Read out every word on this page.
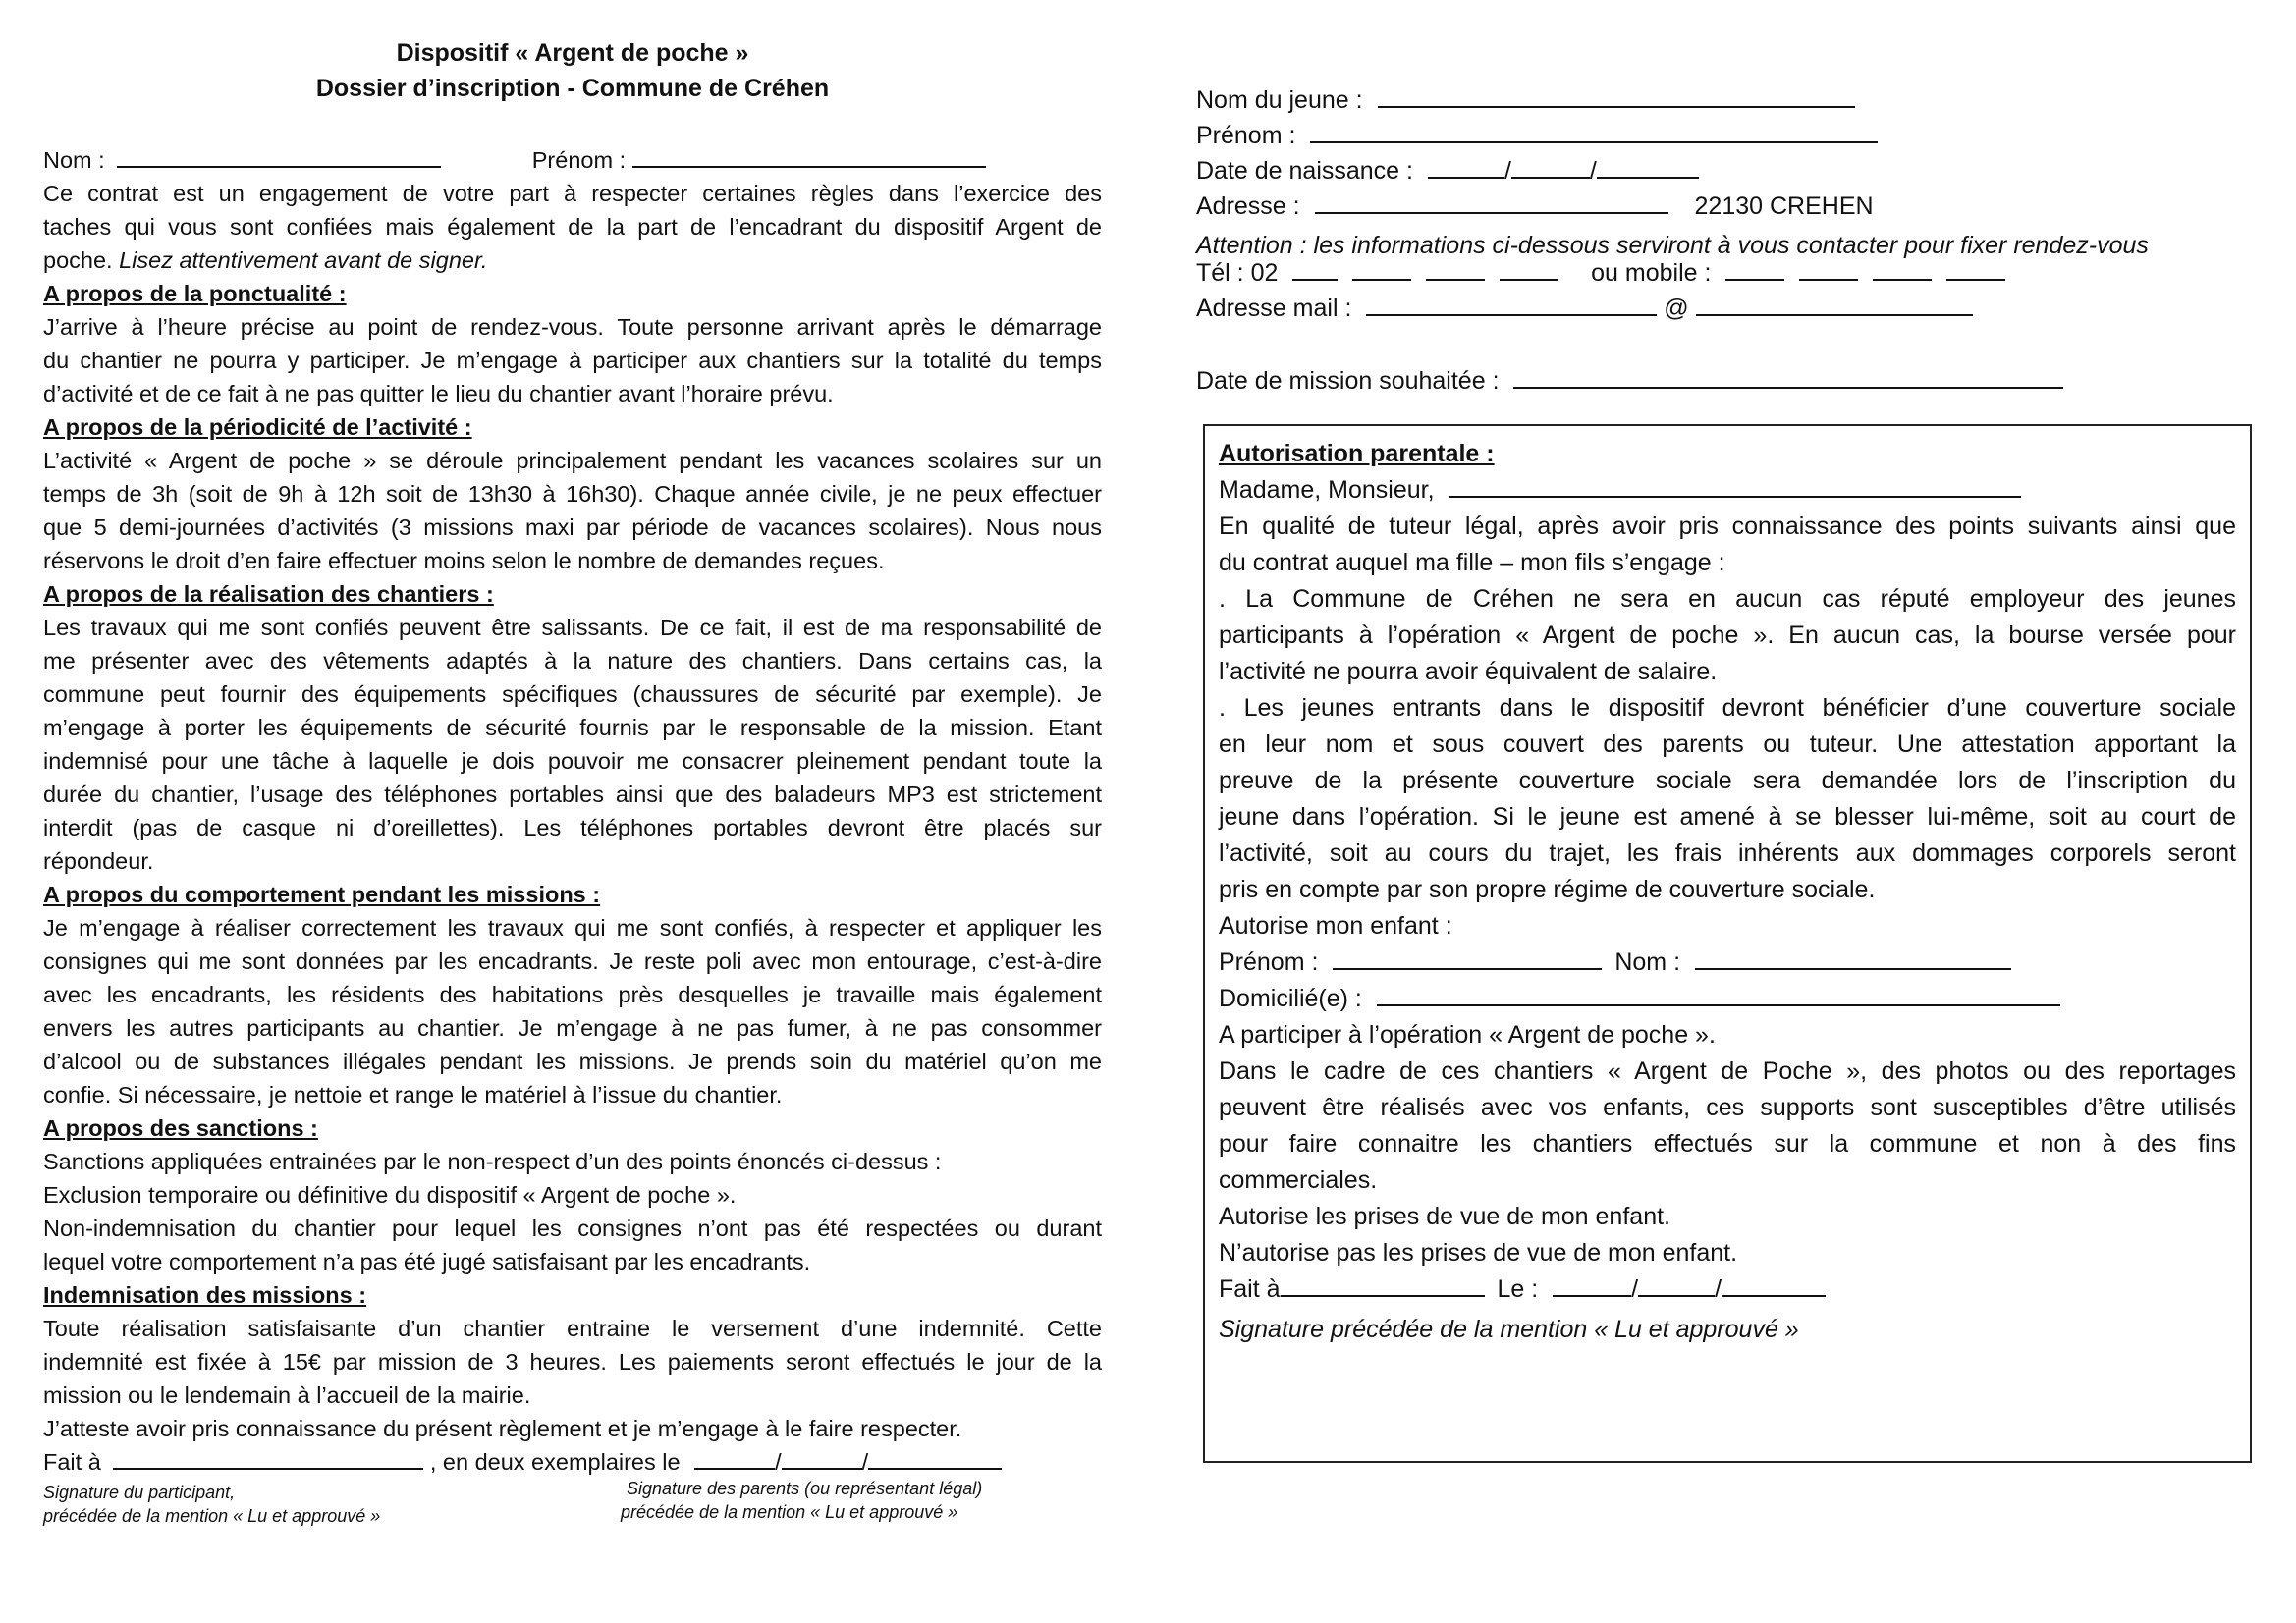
Dispositif « Argent de poche »

Dossier d’inscription - Commune de Créhen

Nom :	Prénom :
Ce contrat est un engagement de votre part à respecter certaines règles dans l’exercice des
taches qui vous sont confiées mais également de la part de l’encadrant du dispositif Argent de
poche. Lisez attentivement avant de signer.
A propos de la ponctualité :
J’arrive à l’heure précise au point de rendez-vous. Toute personne arrivant après le démarrage
du chantier ne pourra y participer. Je m’engage à participer aux chantiers sur la totalité du temps
d’activité et de ce fait à ne pas quitter le lieu du chantier avant l’horaire prévu.
A propos de la périodicité de l’activité :
L’activité « Argent de poche » se déroule principalement pendant les vacances scolaires sur un
temps de 3h (soit de 9h à 12h soit de 13h30 à 16h30). Chaque année civile, je ne peux effectuer
que 5 demi-journées d’activités (3 missions maxi par période de vacances scolaires). Nous nous
réservons le droit d’en faire effectuer moins selon le nombre de demandes reçues.
A propos de la réalisation des chantiers :
Les travaux qui me sont confiés peuvent être salissants. De ce fait, il est de ma responsabilité de
me présenter avec des vêtements adaptés à la nature des chantiers. Dans certains cas, la
commune peut fournir des équipements spécifiques (chaussures de sécurité par exemple). Je
m’engage à porter les équipements de sécurité fournis par le responsable de la mission. Etant
indemnisé pour une tâche à laquelle je dois pouvoir me consacrer pleinement pendant toute la
durée du chantier, l’usage des téléphones portables ainsi que des baladeurs MP3 est strictement
interdit (pas de casque ni d’oreillettes). Les téléphones portables devront être placés sur
répondeur.
A propos du comportement pendant les missions :
Je m’engage à réaliser correctement les travaux qui me sont confiés, à respecter et appliquer les
consignes qui me sont données par les encadrants. Je reste poli avec mon entourage, c’est-à-dire
avec les encadrants, les résidents des habitations près desquelles je travaille mais également
envers les autres participants au chantier. Je m’engage à ne pas fumer, à ne pas consommer
d’alcool ou de substances illégales pendant les missions. Je prends soin du matériel qu’on me
confie. Si nécessaire, je nettoie et range le matériel à l’issue du chantier.
A propos des sanctions :
Sanctions appliquées entrainées par le non-respect d’un des points énoncés ci-dessus :
Exclusion temporaire ou définitive du dispositif « Argent de poche ».
Non-indemnisation du chantier pour lequel les consignes n’ont pas été respectées ou durant
lequel votre comportement n’a pas été jugé satisfaisant par les encadrants.
Indemnisation des missions :
Toute réalisation satisfaisante d’un chantier entraine le versement d’une indemnité. Cette
indemnité est fixée à 15€ par mission de 3 heures. Les paiements seront effectués le jour de la
mission ou le lendemain à l’accueil de la mairie.
J’atteste avoir pris connaissance du présent règlement et je m’engage à le faire respecter.
Fait à	, en deux exemplaires le	/	/
Signature du participant,
précédée de la mention « Lu et approuvé »
Signature des parents (ou représentant légal)
précédée de la mention « Lu et approuvé »
Nom du jeune :
Prénom :
Date de naissance :	/	/
Adresse :	22130 CREHEN
Attention : les informations ci-dessous serviront à vous contacter pour fixer rendez-vous
Tél : 02	ou mobile :
Adresse mail :	@
Date de mission souhaitée :
Autorisation parentale :
Madame, Monsieur,
En qualité de tuteur légal, après avoir pris connaissance des points suivants ainsi que
du contrat auquel ma fille – mon fils s’engage :
. La Commune de Créhen ne sera en aucun cas réputé employeur des jeunes
participants à l’opération « Argent de poche ». En aucun cas, la bourse versée pour
l’activité ne pourra avoir équivalent de salaire.
. Les jeunes entrants dans le dispositif devront bénéficier d’une couverture sociale
en leur nom et sous couvert des parents ou tuteur. Une attestation apportant la
preuve de la présente couverture sociale sera demandée lors de l’inscription du
jeune dans l’opération. Si le jeune est amené à se blesser lui-même, soit au court de
l’activité, soit au cours du trajet, les frais inhérents aux dommages corporels seront
pris en compte par son propre régime de couverture sociale.
Autorise mon enfant :
Prénom :	Nom :
Domicilié(e) :
A participer à l’opération « Argent de poche ».
Dans le cadre de ces chantiers « Argent de Poche », des photos ou des reportages
peuvent être réalisés avec vos enfants, ces supports sont susceptibles d’être utilisés
pour faire connaitre les chantiers effectués sur la commune et non à des fins
commerciales.
Autorise les prises de vue de mon enfant.
N’autorise pas les prises de vue de mon enfant.
Fait à	Le :	/	/
Signature précédée de la mention « Lu et approuvé »
